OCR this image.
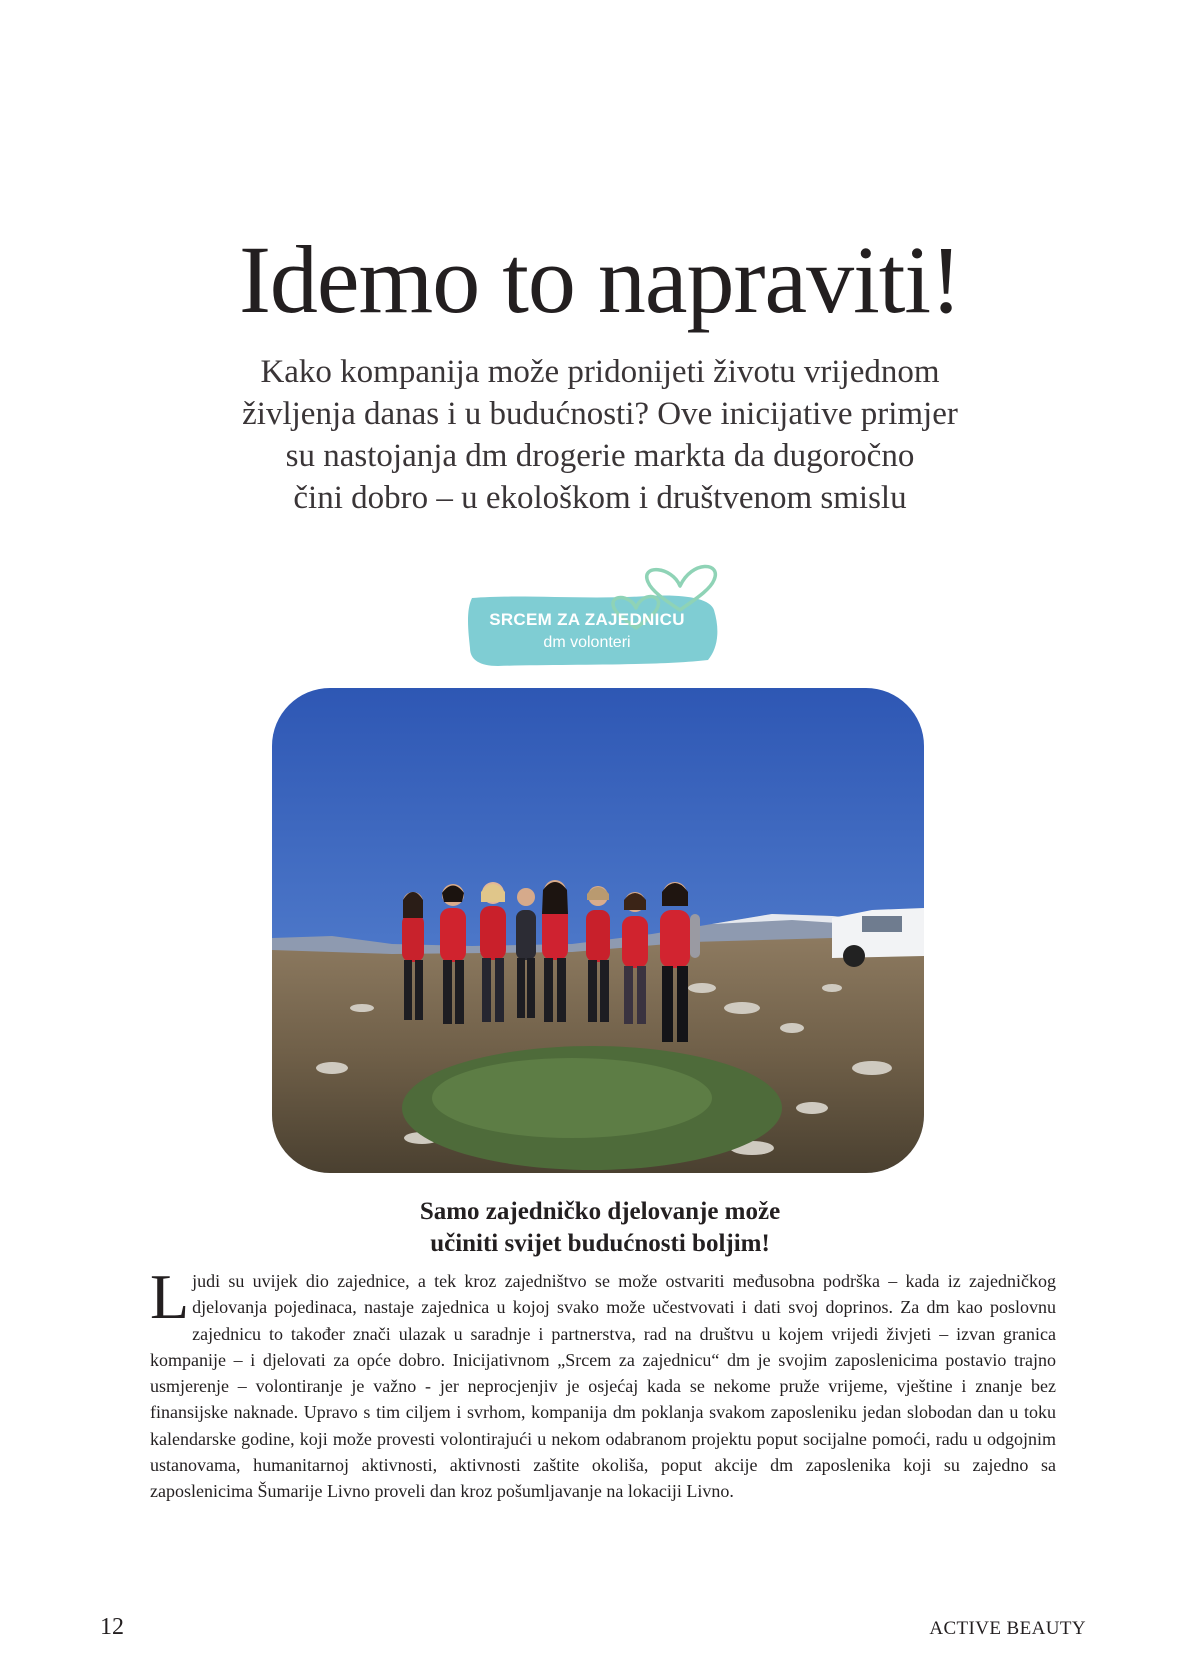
Idemo to napraviti!
Kako kompanija može pridonijeti životu vrijednom
življenja danas i u budućnosti? Ove inicijative primjer
su nastojanja dm drogerie markta da dugoročno
čini dobro – u ekološkom i društvenom smislu
SRCEM ZA ZAJEDNICU
dm volonteri
Samo zajedničko djelovanje može
učiniti svijet budućnosti boljim!
Ljudi su uvijek dio zajednice, a tek kroz zajedništvo se može ostvariti međusobna podrška – kada iz zajedničkog djelovanja pojedinaca, nastaje zajednica u kojoj svako može učestvovati i dati svoj doprinos. Za dm kao poslovnu zajednicu to također znači ulazak u saradnje i partnerstva, rad na društvu u kojem vrijedi živjeti – izvan granica kompanije – i djelovati za opće dobro. Inicijativnom „Srcem za zajednicu“ dm je svojim zaposlenicima postavio trajno usmjerenje – volontiranje je važno - jer neprocjenjiv je osjećaj kada se nekome pruže vrijeme, vještine i znanje bez finansijske naknade. Upravo s tim ciljem i svrhom, kompanija dm poklanja svakom zaposleniku jedan slobodan dan u toku kalendarske godine, koji može provesti volontirajući u nekom odabranom projektu poput socijalne pomoći, radu u odgojnim ustanovama, humanitarnoj aktivnosti, aktivnosti zaštite okoliša, poput akcije dm zaposlenika koji su zajedno sa zaposlenicima Šumarije Livno proveli dan kroz pošumljavanje na lokaciji Livno.
12	ACTIVE BEAUTY
